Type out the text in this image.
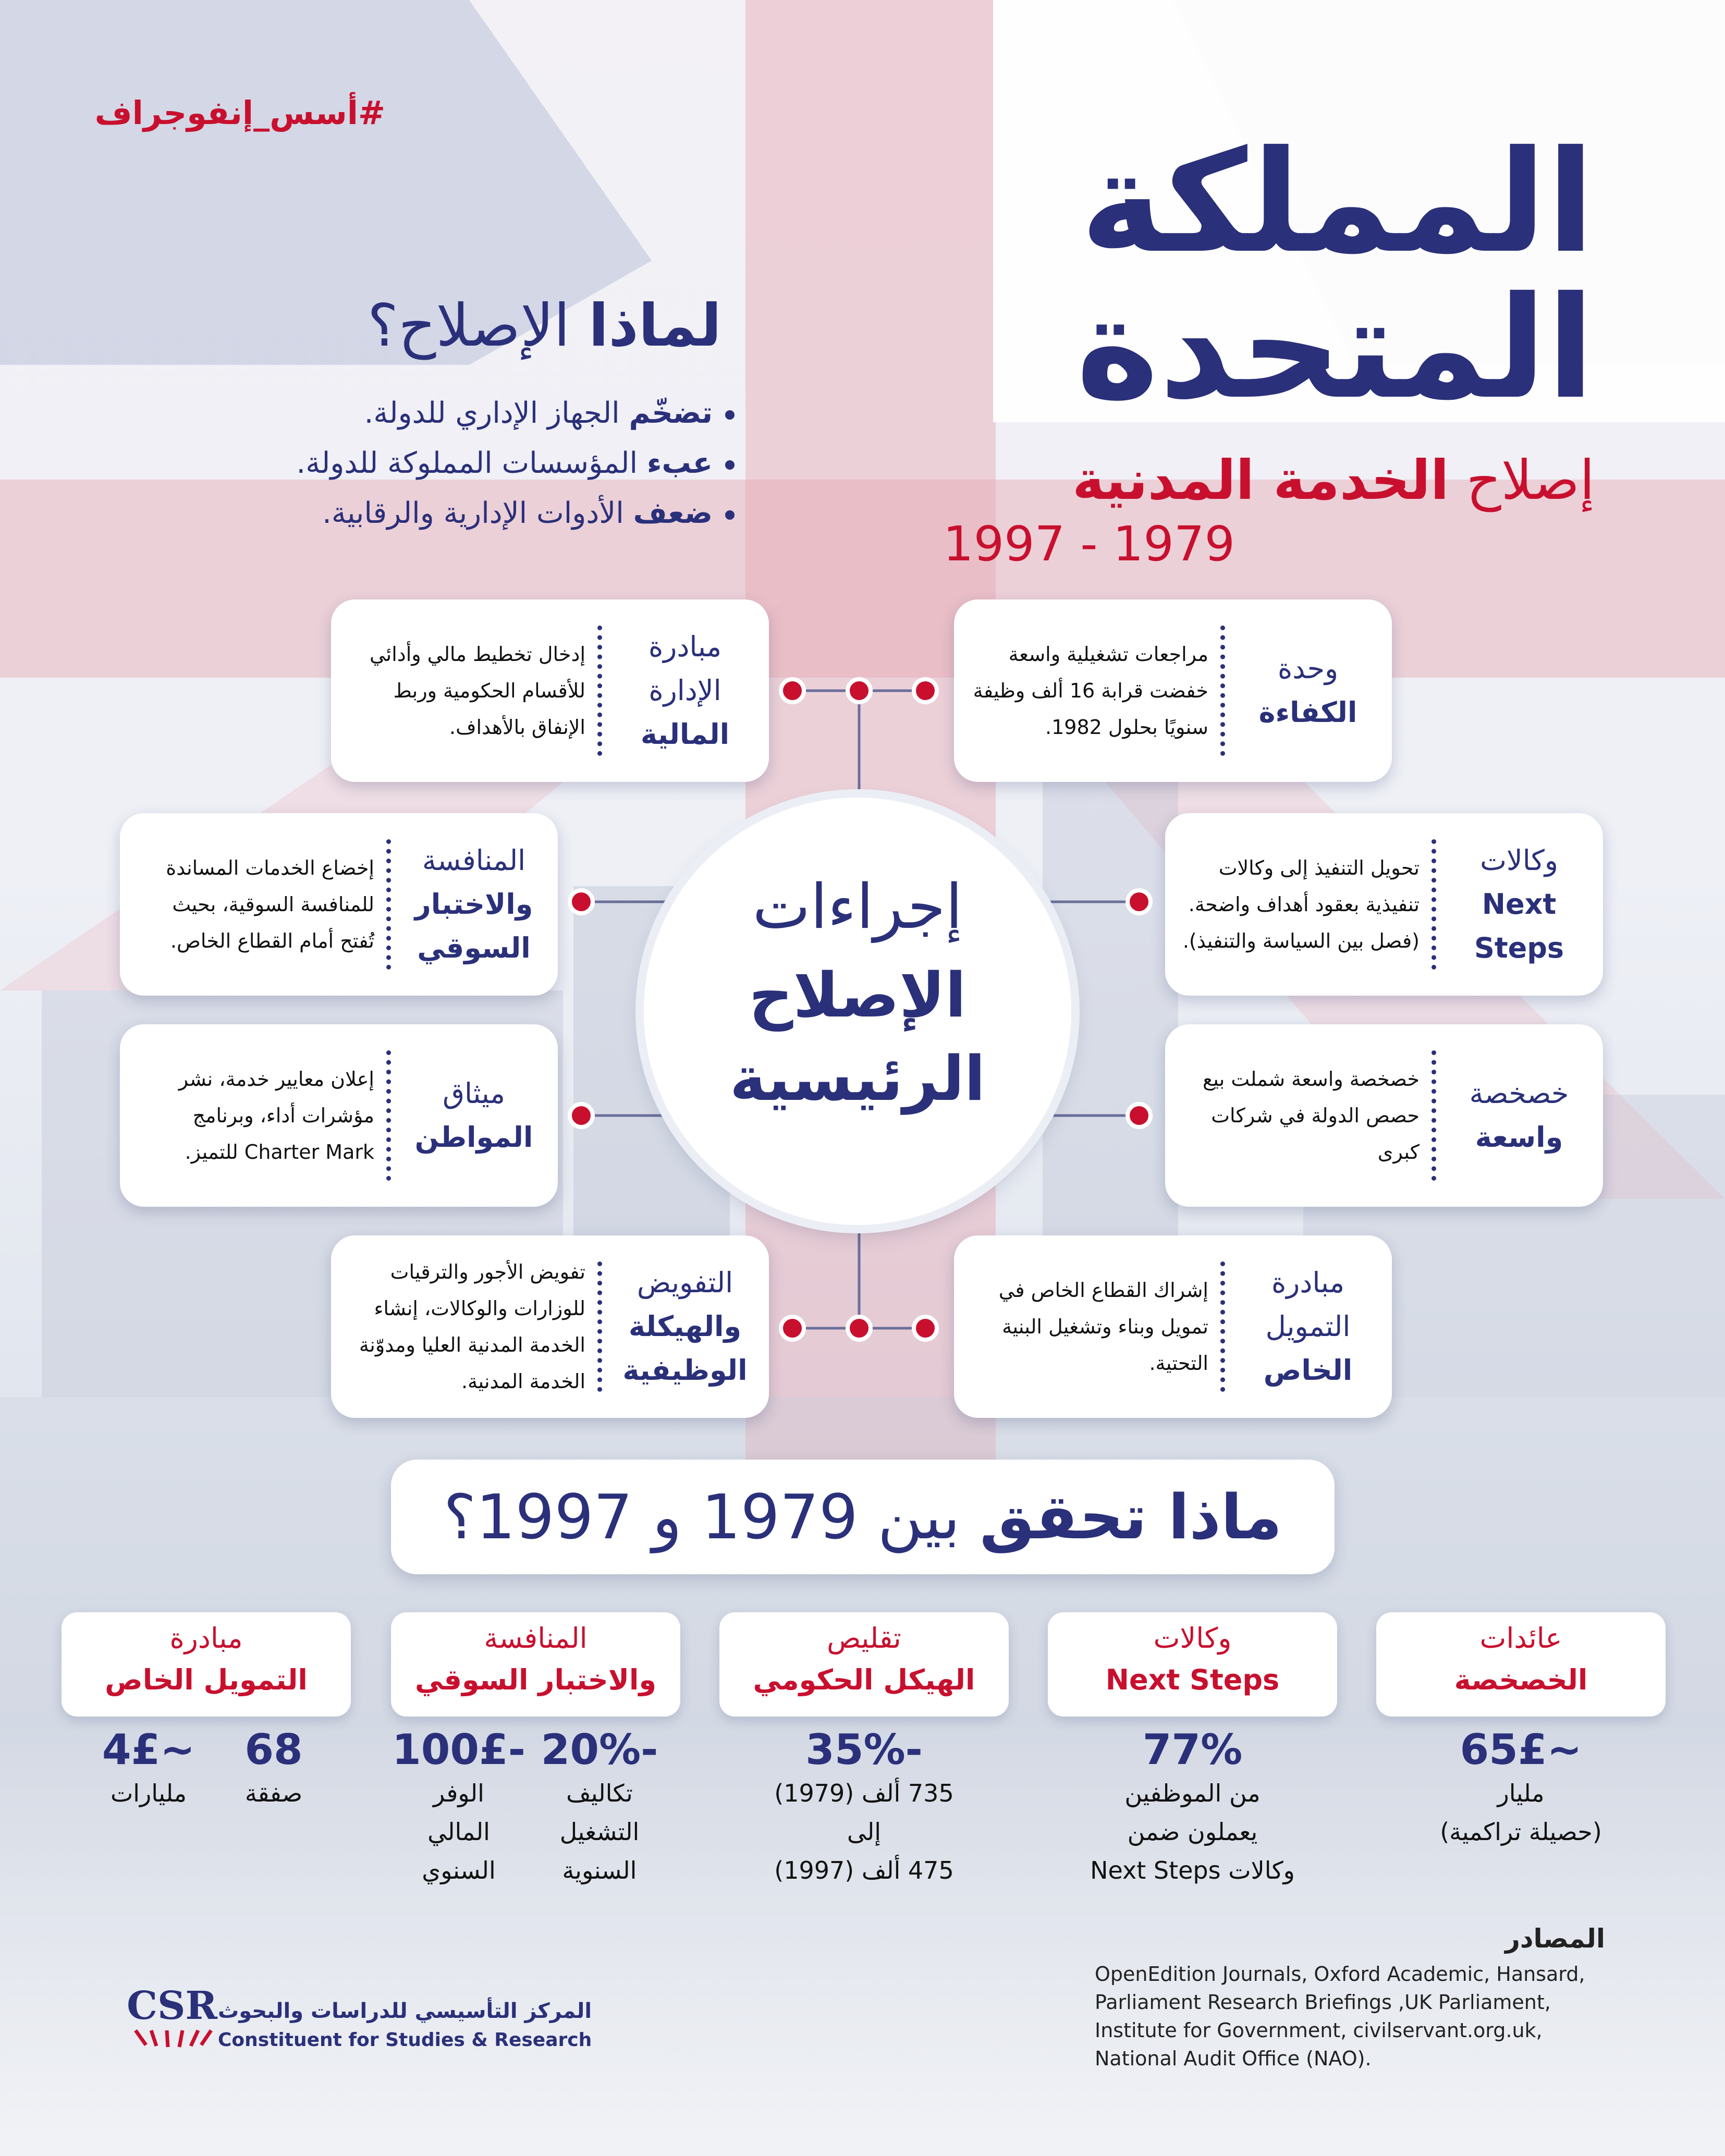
#أسس_إنفوجراف
المملكة
المتحدة
إصلاح الخدمة المدنية
1997 - 1979
لماذا الإصلاح؟
تضخّم الجهاز الإداري للدولة.
عبء المؤسسات المملوكة للدولة.
ضعف الأدوات الإدارية والرقابية.
وحدة
الكفاءة
مراجعات تشغيلية واسعة خفضت قرابة 16 ألف وظيفة سنويًا بحلول 1982.
مبادرة الإدارة
المالية
إدخال تخطيط مالي وأدائي للأقسام الحكومية وربط الإنفاق بالأهداف.
وكالات
Next Steps
تحويل التنفيذ إلى وكالات تنفيذية بعقود أهداف واضحة. (فصل بين السياسة والتنفيذ).
المنافسة
والاختبار السوقي
إخضاع الخدمات المساندة للمنافسة السوقية، بحيث تُفتح أمام القطاع الخاص.
خصخصة
واسعة
خصخصة واسعة شملت بيع حصص الدولة في شركات كبرى
ميثاق
المواطن
إعلان معايير خدمة، نشر مؤشرات أداء، وبرنامج Charter Mark للتميز.
مبادرة التمويل
الخاص
إشراك القطاع الخاص في تمويل وبناء وتشغيل البنية التحتية.
التفويض
والهيكلة الوظيفية
تفويض الأجور والترقيات للوزارات والوكالات، إنشاء الخدمة المدنية العليا ومدوّنة الخدمة المدنية.
إجراءات
الإصلاح
الرئيسية
ماذا تحقق بين 1979 و 1997؟
عائدات
الخصخصة
وكالات
Next Steps
تقليص
الهيكل الحكومي
المنافسة
والاختبار السوقي
مبادرة
التمويل الخاص
65£~
مليار
(حصيلة تراكمية)
77%
من الموظفين
يعملون ضمن
وكالات Next Steps
35%-
735 ألف (1979)
إلى
475 ألف (1997)
20%-
تكاليف
التشغيل
السنوية
100£-
الوفر
المالي
السنوي
68
صفقة
4£~
مليارات
المصادر
OpenEdition Journals, Oxford Academic, Hansard, Parliament Research Briefings ,UK Parliament, Institute for Government, civilservant.org.uk, National Audit Office (NAO).
CSR المركز التأسيسي للدراسات والبحوث
Constituent for Studies & Research
